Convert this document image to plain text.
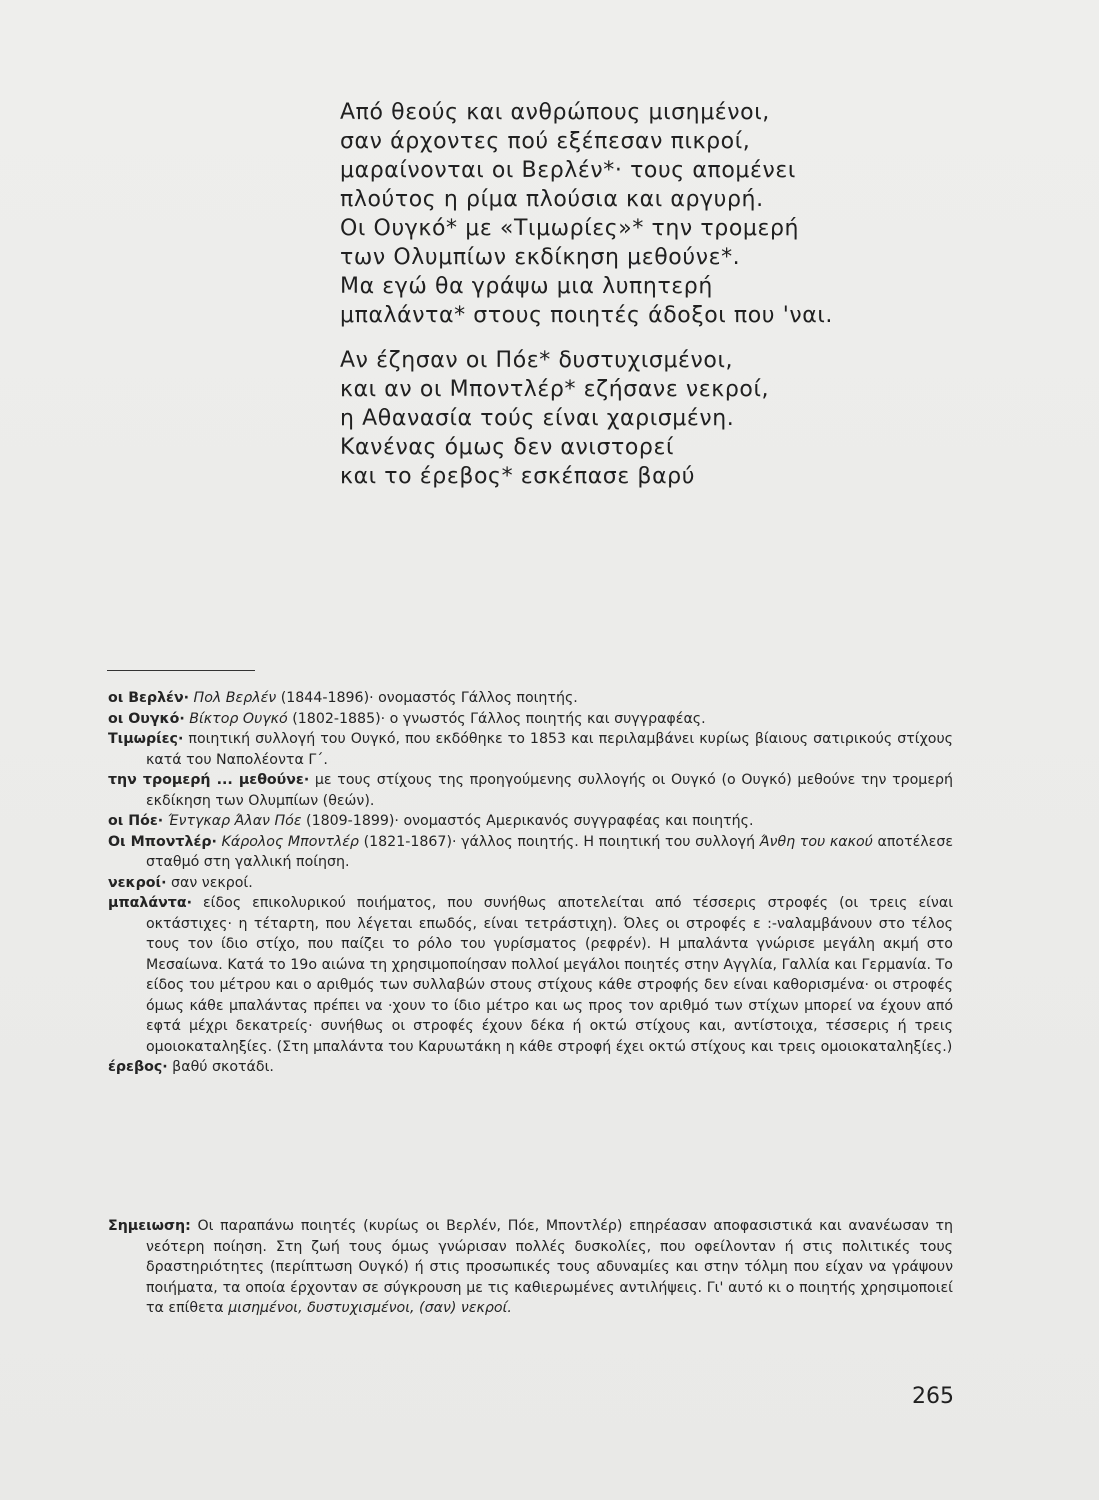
Από θεούς και ανθρώπους μισημένοι,
σαν άρχοντες πού εξέπεσαν πικροί,
μαραίνονται οι Βερλέν*· τους απομένει
πλούτος η ρίμα πλούσια και αργυρή.
Οι Ουγκό* με «Τιμωρίες»* την τρομερή
των Ολυμπίων εκδίκηση μεθούνε*.
Μα εγώ θα γράψω μια λυπητερή
μπαλάντα* στους ποιητές άδοξοι που 'ναι.
Αν έζησαν οι Πόε* δυστυχισμένοι,
και αν οι Μποντλέρ* εζήσανε νεκροί,
η Αθανασία τούς είναι χαρισμένη.
Κανένας όμως δεν ανιστορεί
και το έρεβος* εσκέπασε βαρύ

οι Βερλέν· Πολ Βερλέν (1844-1896)· ονομαστός Γάλλος ποιητής.

οι Ουγκό· Βίκτορ Ουγκό (1802-1885)· ο γνωστός Γάλλος ποιητής και συγγραφέας.

Τιμωρίες· ποιητική συλλογή του Ουγκό, που εκδόθηκε το 1853 και περιλαμβάνει κυρίως βίαιους σατιρικούς στίχους κατά του Ναπολέοντα Γ΄.

την τρομερή ... μεθούνε· με τους στίχους της προηγούμενης συλλογής οι Ουγκό (ο Ουγκό) μεθούνε την τρομερή εκδίκηση των Ολυμπίων (θεών).

οι Πόε· Έντγκαρ Άλαν Πόε (1809-1899)· ονομαστός Αμερικανός συγγραφέας και ποιητής.

Οι Μποντλέρ· Κάρολος Μποντλέρ (1821-1867)· γάλλος ποιητής. Η ποιητική του συλλογή Άνθη του κακού αποτέλεσε σταθμό στη γαλλική ποίηση.

νεκροί· σαν νεκροί.

μπαλάντα· είδος επικολυρικού ποιήματος, που συνήθως αποτελείται από τέσσερις στροφές (οι τρεις είναι οκτάστιχες· η τέταρτη, που λέγεται επωδός, είναι τετράστιχη). Όλες οι στροφές ε :-ναλαμβάνουν στο τέλος τους τον ίδιο στίχο, που παίζει το ρόλο του γυρίσματος (ρεφρέν). Η μπαλάντα γνώρισε μεγάλη ακμή στο Μεσαίωνα. Κατά το 19ο αιώνα τη χρησιμοποίησαν πολλοί μεγάλοι ποιητές στην Αγγλία, Γαλλία και Γερμανία. Το είδος του μέτρου και ο αριθμός των συλλαβών στους στίχους κάθε στροφής δεν είναι καθορισμένα· οι στροφές όμως κάθε μπαλάντας πρέπει να ·χουν το ίδιο μέτρο και ως προς τον αριθμό των στίχων μπορεί να έχουν από εφτά μέχρι δεκατρείς· συνήθως οι στροφές έχουν δέκα ή οκτώ στίχους και, αντίστοιχα, τέσσερις ή τρεις ομοιοκαταληξίες. (Στη μπαλάντα του Καρυωτάκη η κάθε στροφή έχει οκτώ στίχους και τρεις ομοιοκαταληξίες.)

έρεβος· βαθύ σκοτάδι.

Σημειωση: Οι παραπάνω ποιητές (κυρίως οι Βερλέν, Πόε, Μποντλέρ) επηρέασαν αποφασιστικά και ανανέωσαν τη νεότερη ποίηση. Στη ζωή τους όμως γνώρισαν πολλές δυσκολίες, που οφείλονταν ή στις πολιτικές τους δραστηριότητες (περίπτωση Ουγκό) ή στις προσωπικές τους αδυναμίες και στην τόλμη που είχαν να γράψουν ποιήματα, τα οποία έρχονταν σε σύγκρουση με τις καθιερωμένες αντιλήψεις. Γι' αυτό κι ο ποιητής χρησιμοποιεί τα επίθετα μισημένοι, δυστυχισμένοι, (σαν) νεκροί.
265
